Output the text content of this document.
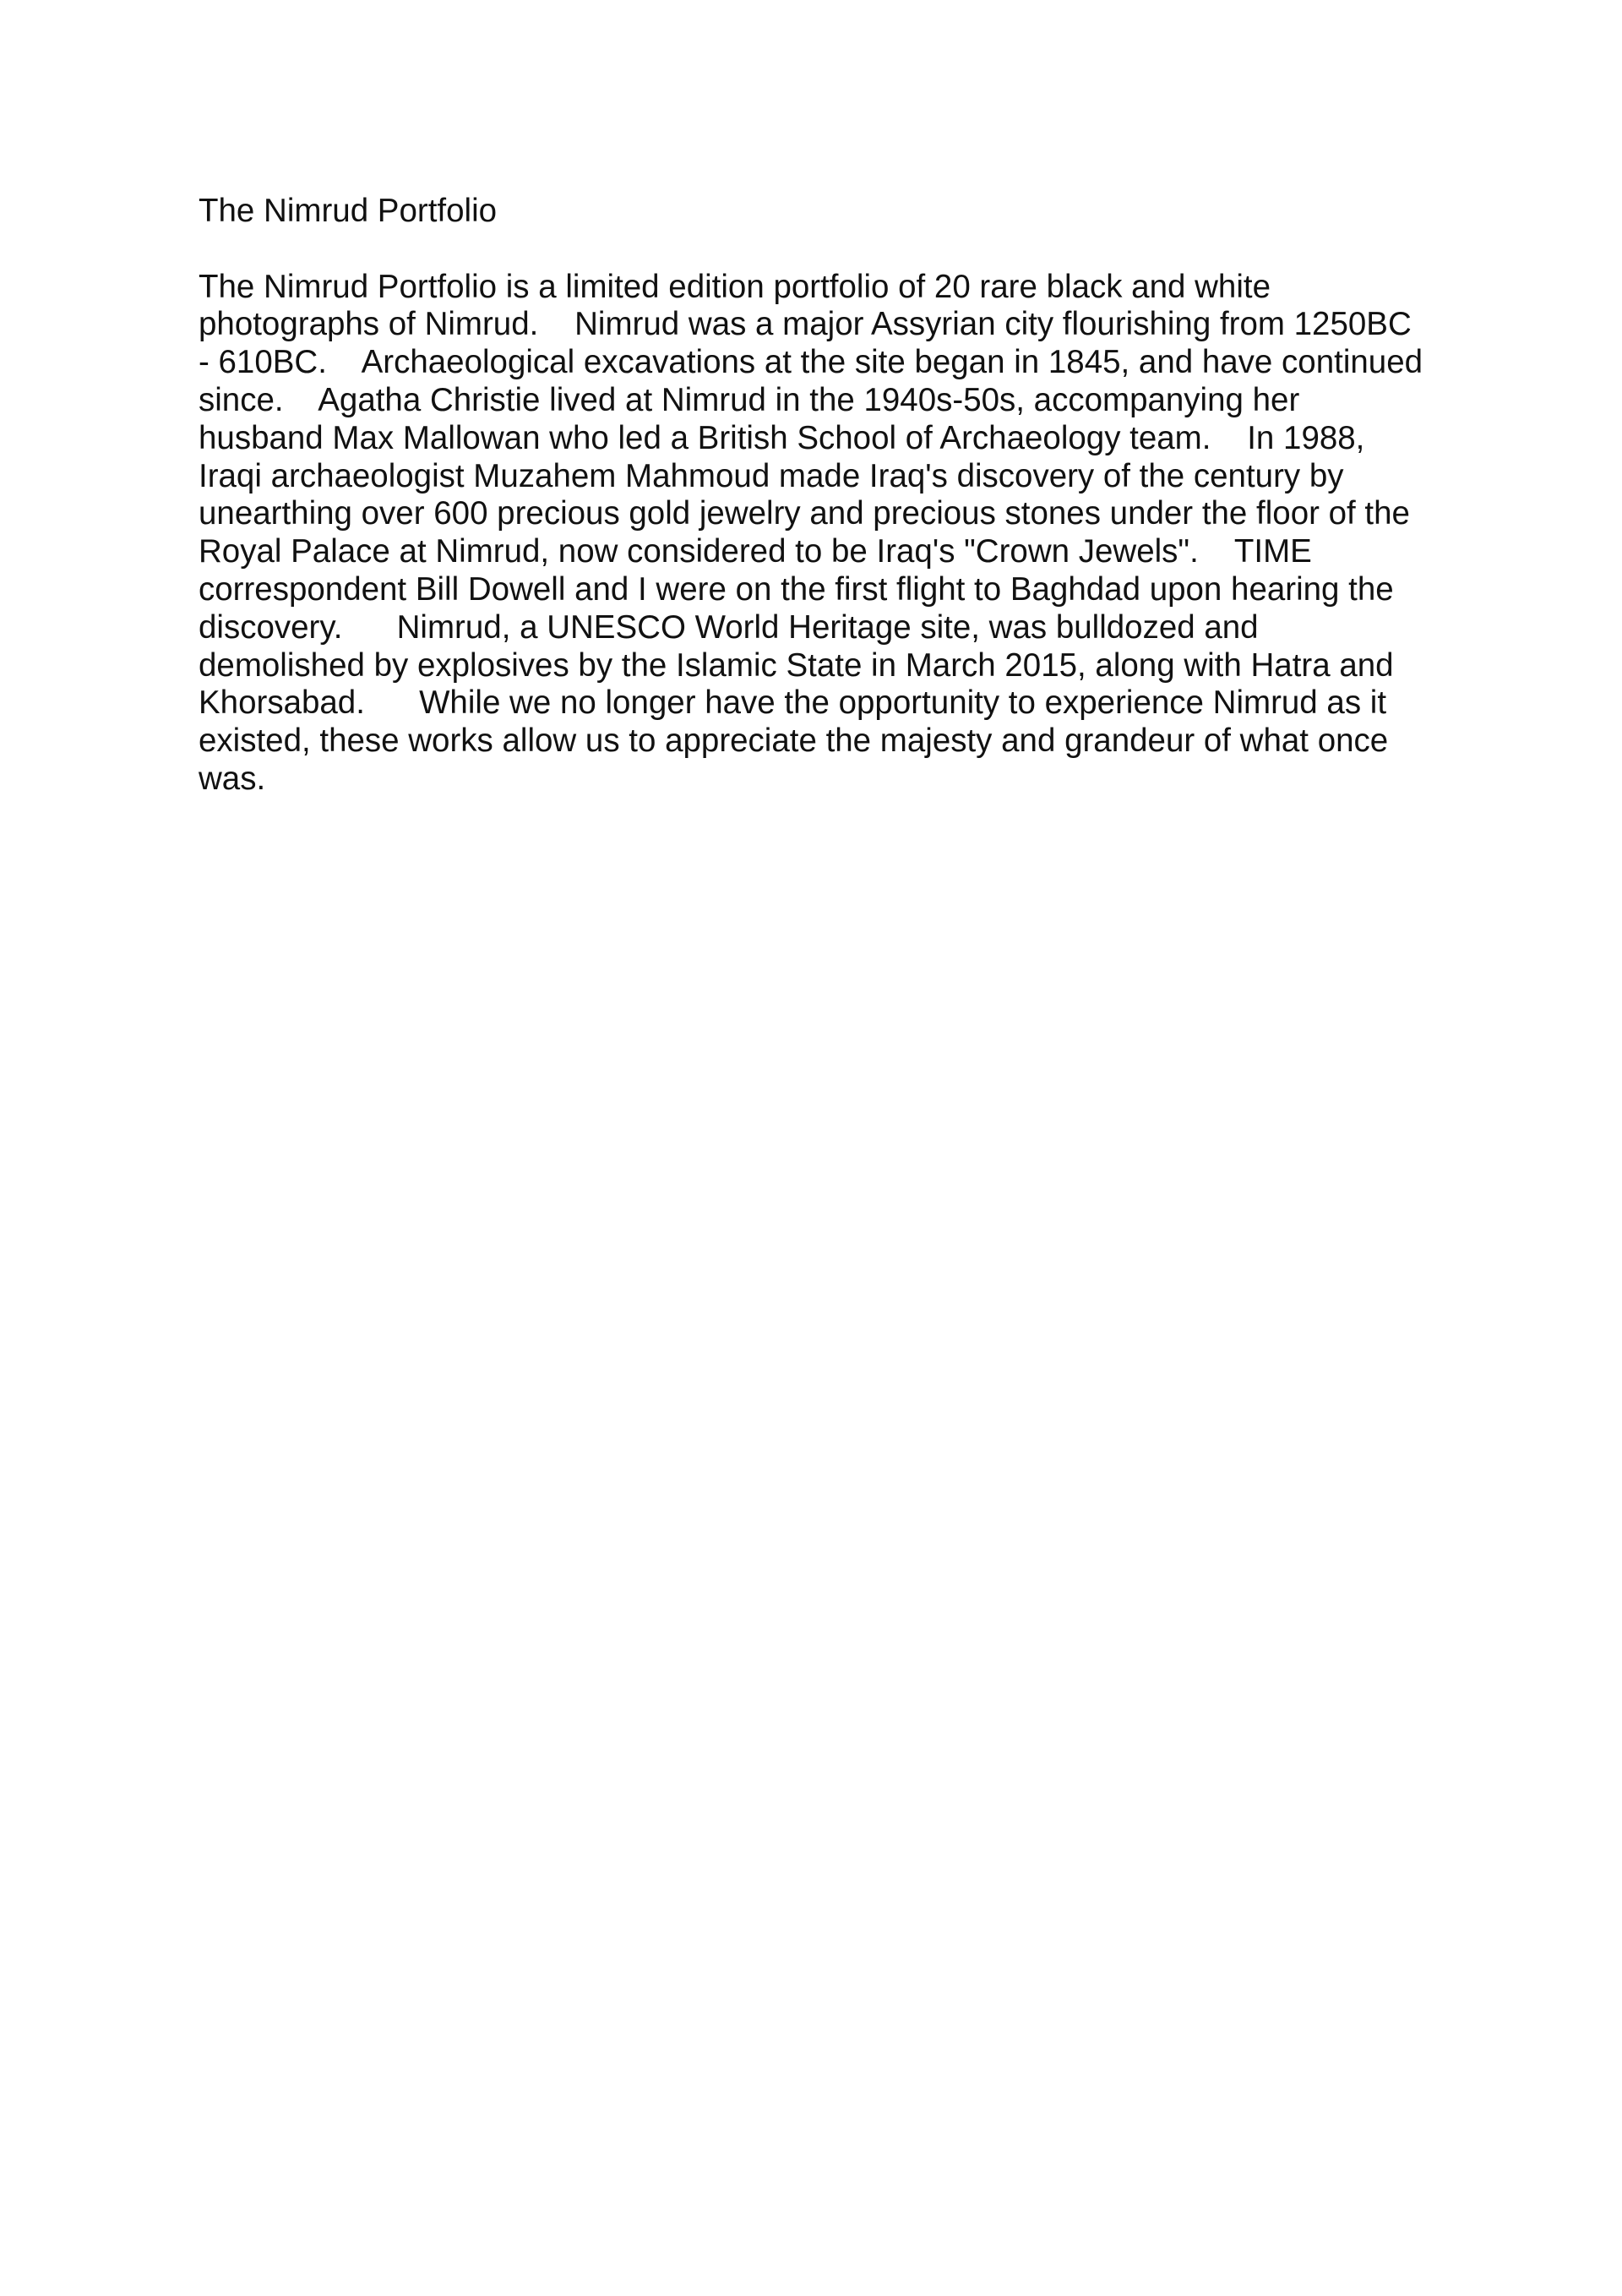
The Nimrud Portfolio

The Nimrud Portfolio is a limited edition portfolio of 20 rare black and white
photographs of Nimrud.    Nimrud was a major Assyrian city flourishing from 1250BC
- 610BC.    Archaeological excavations at the site began in 1845, and have continued
since.    Agatha Christie lived at Nimrud in the 1940s-50s, accompanying her
husband Max Mallowan who led a British School of Archaeology team.    In 1988,
Iraqi archaeologist Muzahem Mahmoud made Iraq's discovery of the century by
unearthing over 600 precious gold jewelry and precious stones under the floor of the
Royal Palace at Nimrud, now considered to be Iraq's "Crown Jewels".    TIME
correspondent Bill Dowell and I were on the first flight to Baghdad upon hearing the
discovery.      Nimrud, a UNESCO World Heritage site, was bulldozed and
demolished by explosives by the Islamic State in March 2015, along with Hatra and
Khorsabad.      While we no longer have the opportunity to experience Nimrud as it
existed, these works allow us to appreciate the majesty and grandeur of what once
was.
